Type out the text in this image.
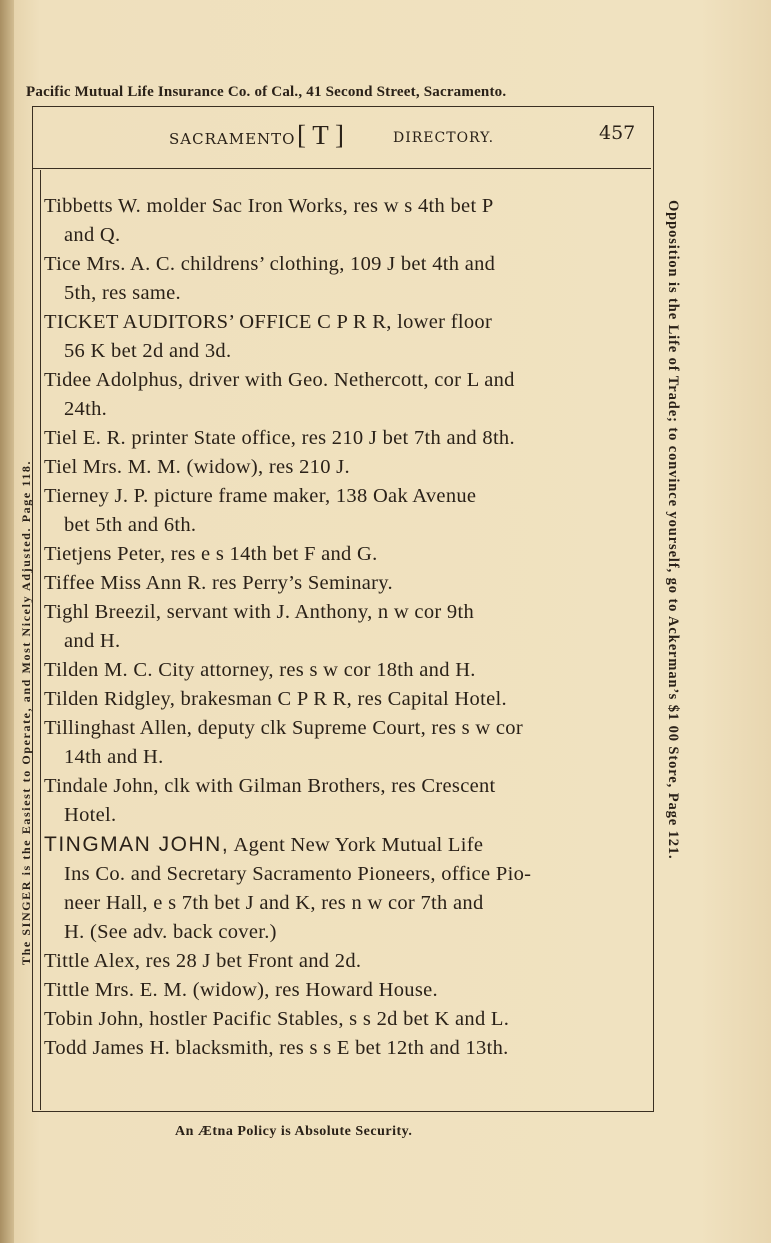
Pacific Mutual Life Insurance Co. of Cal., 41 Second Street, Sacramento.
SACRAMENTO [ T ]	DIRECTORY.	457
Tibbetts W. molder Sac Iron Works, res w s 4th bet P
and Q.
Tice Mrs. A. C. childrens’ clothing, 109 J bet 4th and
5th, res same.
TICKET AUDITORS’ OFFICE C P R R, lower floor
56 K bet 2d and 3d.
Tidee Adolphus, driver with Geo. Nethercott, cor L and
24th.
Tiel E. R. printer State office, res 210 J bet 7th and 8th.
Tiel Mrs. M. M. (widow), res 210 J.
Tierney J. P. picture frame maker, 138 Oak Avenue
bet 5th and 6th.
Tietjens Peter, res e s 14th bet F and G.
Tiffee Miss Ann R. res Perry’s Seminary.
Tighl Breezil, servant with J. Anthony, n w cor 9th
and H.
Tilden M. C. City attorney, res s w cor 18th and H.
Tilden Ridgley, brakesman C P R R, res Capital Hotel.
Tillinghast Allen, deputy clk Supreme Court, res s w cor
14th and H.
Tindale John, clk with Gilman Brothers, res Crescent
Hotel.
TINGMAN JOHN, Agent New York Mutual Life
Ins Co. and Secretary Sacramento Pioneers, office Pio-
neer Hall, e s 7th bet J and K, res n w cor 7th and
H. (See adv. back cover.)
Tittle Alex, res 28 J bet Front and 2d.
Tittle Mrs. E. M. (widow), res Howard House.
Tobin John, hostler Pacific Stables, s s 2d bet K and L.
Todd James H. blacksmith, res s s E bet 12th and 13th.
The SINGER is the Easiest to Operate, and Most Nicely Adjusted. Page 118.	Opposition is the Life of Trade; to convince yourself, go to Ackerman’s $1 00 Store, Page 121.
An Ætna Policy is Absolute Security.
